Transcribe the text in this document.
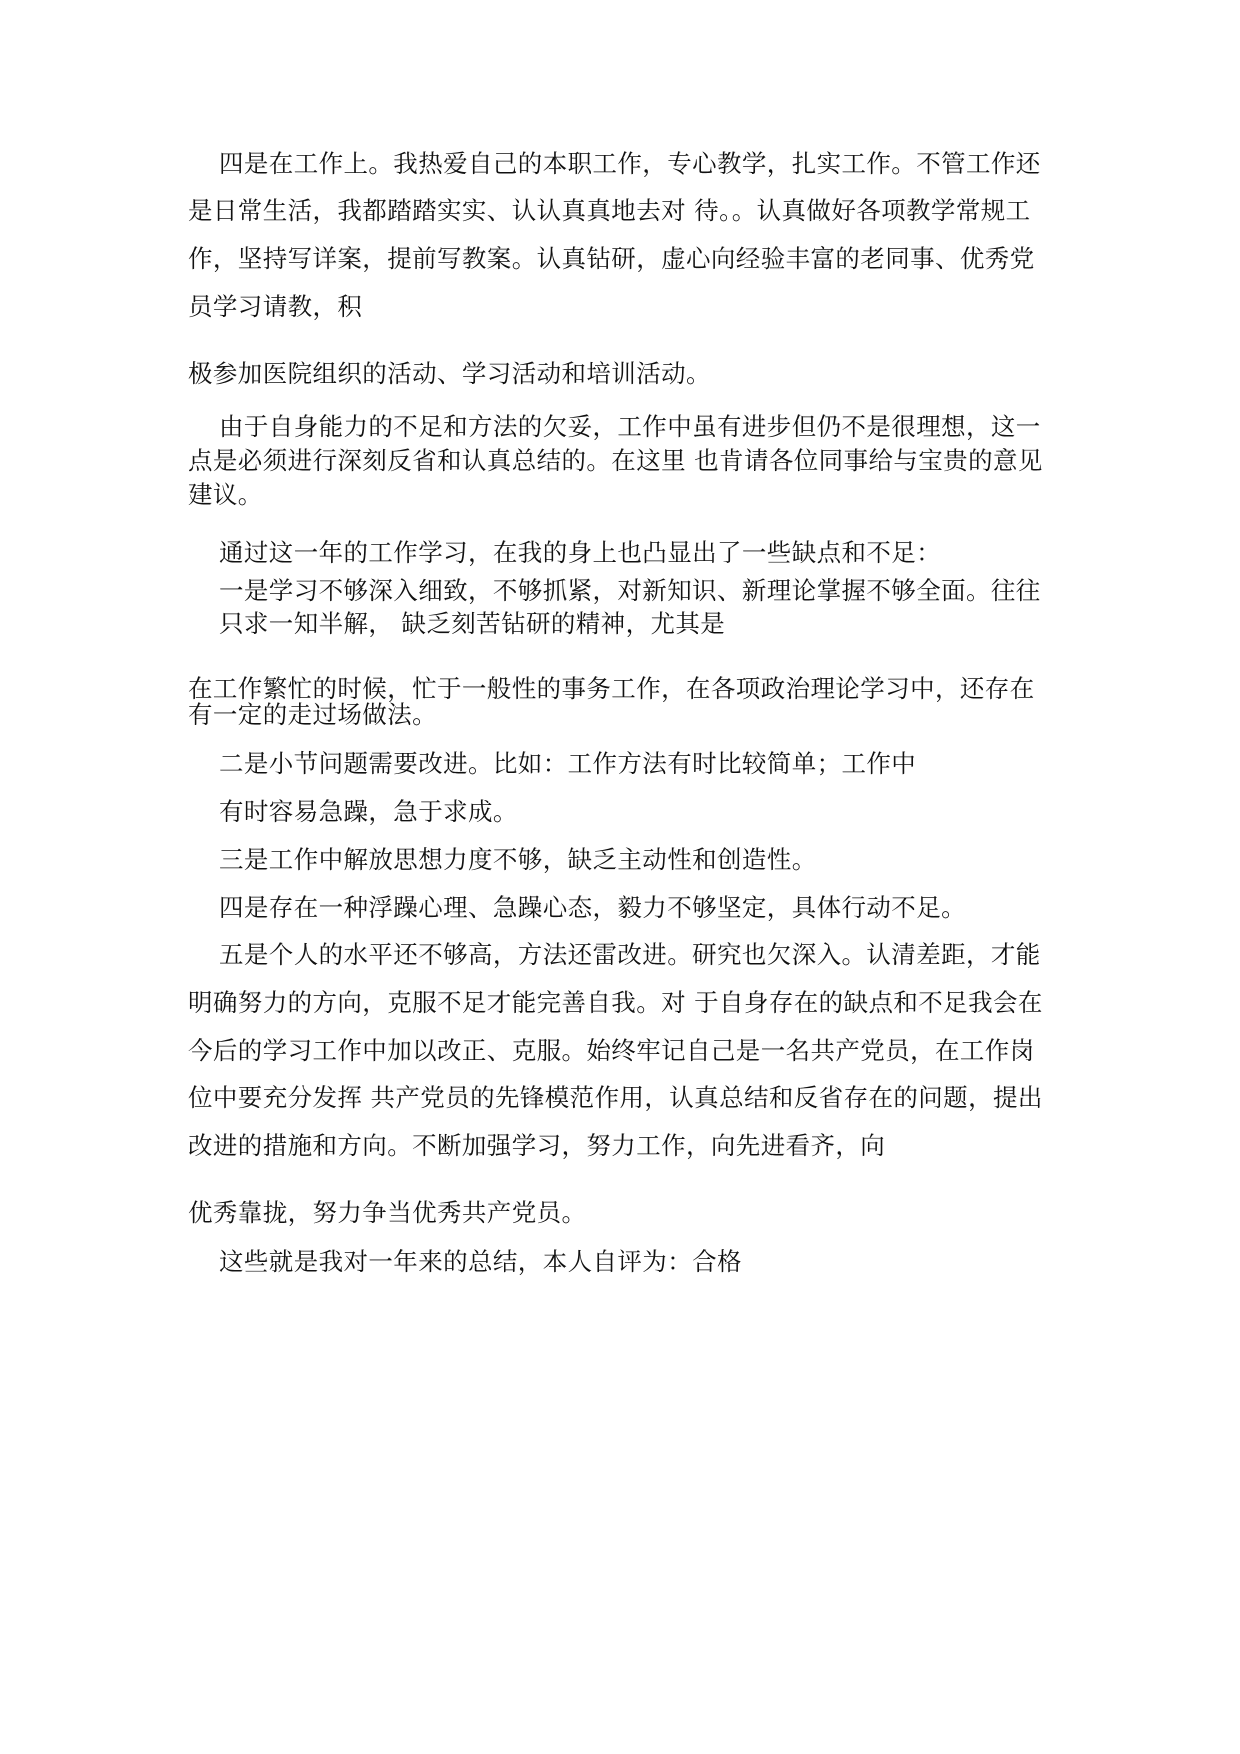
四是在工作上。我热爱自己的本职工作，专心教学，扎实工作。不管工作还
是日常生活，我都踏踏实实、认认真真地去对 待。。认真做好各项教学常规工
作，坚持写详案，提前写教案。认真钻研，虚心向经验丰富的老同事、优秀党
员学习请教，积
极参加医院组织的活动、学习活动和培训活动。
由于自身能力的不足和方法的欠妥，工作中虽有进步但仍不是很理想，这一
点是必须进行深刻反省和认真总结的。在这里 也肯请各位同事给与宝贵的意见
建议。
通过这一年的工作学习，在我的身上也凸显出了一些缺点和不足：
一是学习不够深入细致，不够抓紧，对新知识、新理论掌握不够全面。往往
只求一知半解， 缺乏刻苦钻研的精神，尤其是
在工作繁忙的时候，忙于一般性的事务工作，在各项政治理论学习中，还存在
有一定的走过场做法。
二是小节问题需要改进。比如：工作方法有时比较简单；工作中
有时容易急躁，急于求成。
三是工作中解放思想力度不够，缺乏主动性和创造性。
四是存在一种浮躁心理、急躁心态，毅力不够坚定，具体行动不足。
五是个人的水平还不够高，方法还雷改进。研究也欠深入。认清差距，才能
明确努力的方向，克服不足才能完善自我。对 于自身存在的缺点和不足我会在
今后的学习工作中加以改正、克服。始终牢记自己是一名共产党员，在工作岗
位中要充分发挥 共产党员的先锋模范作用，认真总结和反省存在的问题，提出
改进的措施和方向。不断加强学习，努力工作，向先进看齐，向
优秀靠拢，努力争当优秀共产党员。
这些就是我对一年来的总结，本人自评为：合格
